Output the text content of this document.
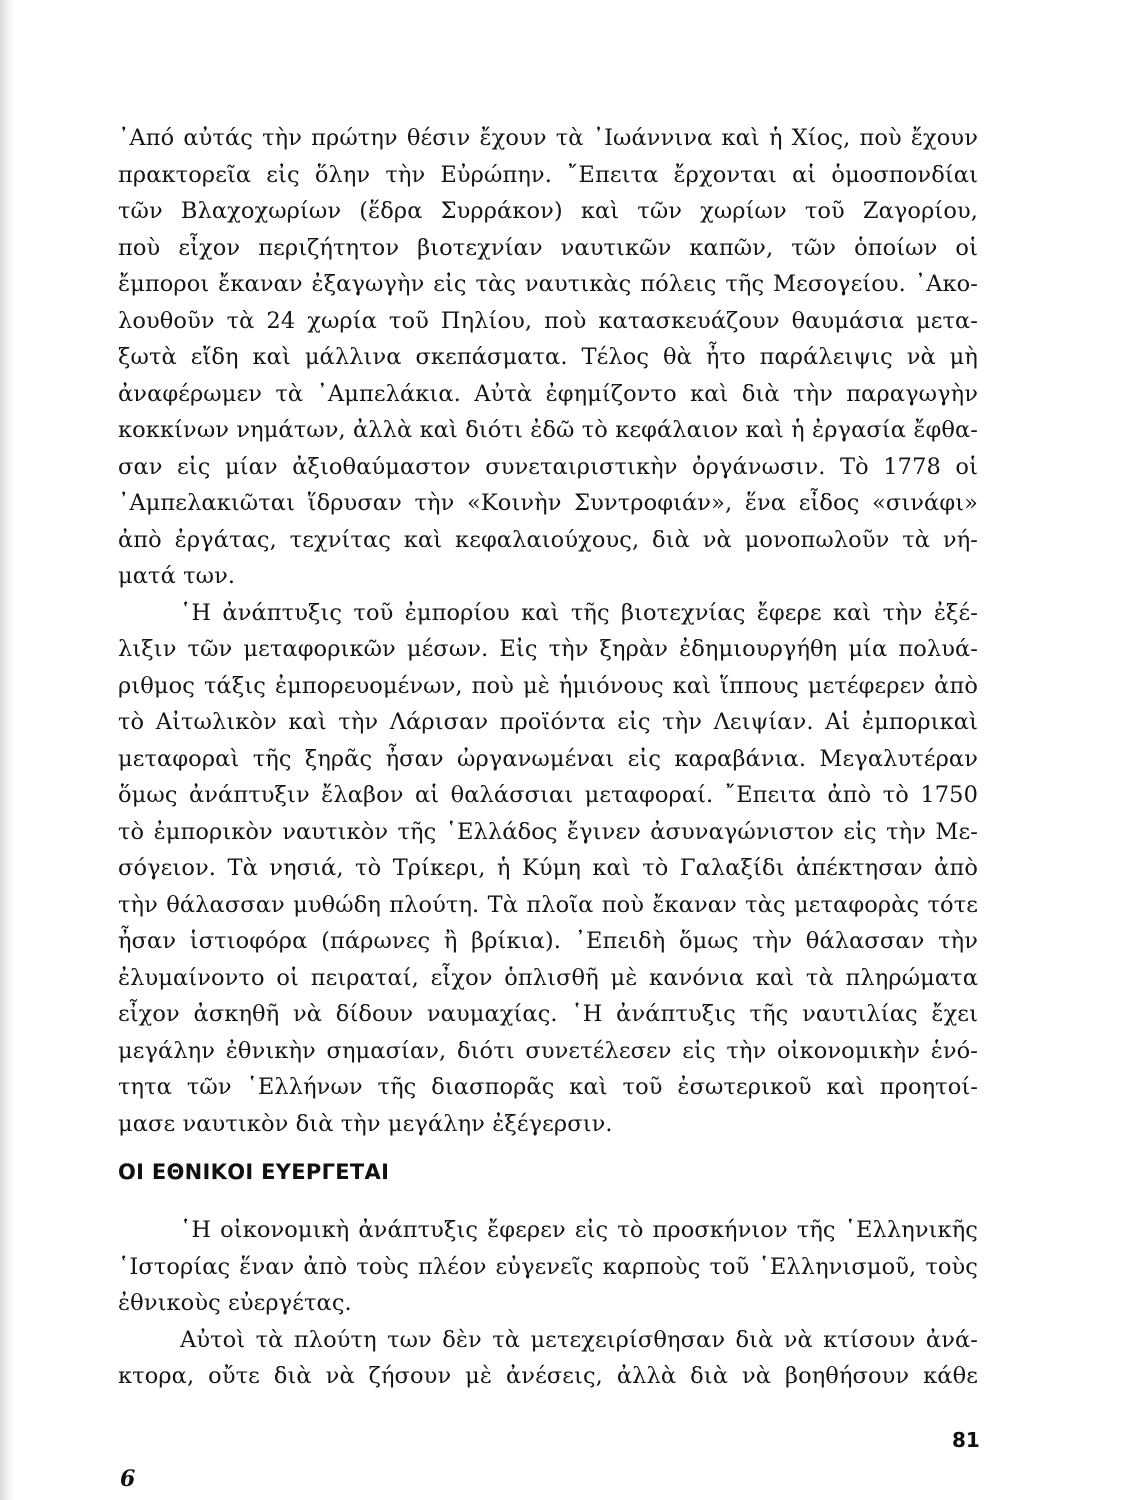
᾿Από αὐτάς τὴν πρώτην θέσιν ἔχουν τὰ ᾿Ιωάννινα καὶ ἡ Χίος, ποὺ ἔχουν
πρακτορεῖα εἰς ὅλην τὴν Εὐρώπην. ῎Επειτα ἔρχονται αἱ ὁμοσπονδίαι
τῶν Βλαχοχωρίων (ἕδρα Συρράκον) καὶ τῶν χωρίων τοῦ Ζαγορίου,
ποὺ εἶχον περιζήτητον βιοτεχνίαν ναυτικῶν καπῶν, τῶν ὁποίων οἱ
ἔμποροι ἔκαναν ἐξαγωγὴν εἰς τὰς ναυτικὰς πόλεις τῆς Μεσογείου. ᾿Ακο-
λουθοῦν τὰ 24 χωρία τοῦ Πηλίου, ποὺ κατασκευάζουν θαυμάσια μετα-
ξωτὰ εἴδη καὶ μάλλινα σκεπάσματα. Τέλος θὰ ἦτο παράλειψις νὰ μὴ
ἀναφέρωμεν τὰ ᾿Αμπελάκια. Αὐτὰ ἐφημίζοντο καὶ διὰ τὴν παραγωγὴν
κοκκίνων νημάτων, ἀλλὰ καὶ διότι ἐδῶ τὸ κεφάλαιον καὶ ἡ ἐργασία ἔφθα-
σαν εἰς μίαν ἀξιοθαύμαστον συνεταιριστικὴν ὀργάνωσιν. Τὸ 1778 οἱ
᾿Αμπελακιῶται ἵδρυσαν τὴν «Κοινὴν Συντροφιάν», ἕνα εἶδος «σινάφι»
ἀπὸ ἐργάτας, τεχνίτας καὶ κεφαλαιούχους, διὰ νὰ μονοπωλοῦν τὰ νή-
ματά των.
῾Η ἀνάπτυξις τοῦ ἐμπορίου καὶ τῆς βιοτεχνίας ἔφερε καὶ τὴν ἐξέ-
λιξιν τῶν μεταφορικῶν μέσων. Εἰς τὴν ξηρὰν ἐδημιουργήθη μία πολυά-
ριθμος τάξις ἐμπορευομένων, ποὺ μὲ ἡμιόνους καὶ ἵππους μετέφερεν ἀπὸ
τὸ Αἰτωλικὸν καὶ τὴν Λάρισαν προϊόντα εἰς τὴν Λειψίαν. Αἱ ἐμπορικαὶ
μεταφοραὶ τῆς ξηρᾶς ἦσαν ὠργανωμέναι εἰς καραβάνια. Μεγαλυτέραν
ὅμως ἀνάπτυξιν ἔλαβον αἱ θαλάσσιαι μεταφοραί. ῎Επειτα ἀπὸ τὸ 1750
τὸ ἐμπορικὸν ναυτικὸν τῆς ῾Ελλάδος ἔγινεν ἀσυναγώνιστον εἰς τὴν Με-
σόγειον. Τὰ νησιά, τὸ Τρίκερι, ἡ Κύμη καὶ τὸ Γαλαξίδι ἀπέκτησαν ἀπὸ
τὴν θάλασσαν μυθώδη πλούτη. Τὰ πλοῖα ποὺ ἔκαναν τὰς μεταφορὰς τότε
ἦσαν ἱστιοφόρα (πάρωνες ἢ βρίκια). ᾿Επειδὴ ὅμως τὴν θάλασσαν τὴν
ἐλυμαίνοντο οἱ πειραταί, εἶχον ὁπλισθῆ μὲ κανόνια καὶ τὰ πληρώματα
εἶχον ἀσκηθῆ νὰ δίδουν ναυμαχίας. ῾Η ἀνάπτυξις τῆς ναυτιλίας ἔχει
μεγάλην ἐθνικὴν σημασίαν, διότι συνετέλεσεν εἰς τὴν οἰκονομικὴν ἑνό-
τητα τῶν ῾Ελλήνων τῆς διασπορᾶς καὶ τοῦ ἐσωτερικοῦ καὶ προητοί-
μασε ναυτικὸν διὰ τὴν μεγάλην ἐξέγερσιν.
ΟΙ ΕΘΝΙΚΟΙ ΕΥΕΡΓΕΤΑΙ
῾Η οἰκονομικὴ ἀνάπτυξις ἔφερεν εἰς τὸ προσκήνιον τῆς ῾Ελληνικῆς
῾Ιστορίας ἕναν ἀπὸ τοὺς πλέον εὐγενεῖς καρποὺς τοῦ ῾Ελληνισμοῦ, τοὺς
ἐθνικοὺς εὐεργέτας.
Αὐτοὶ τὰ πλούτη των δὲν τὰ μετεχειρίσθησαν διὰ νὰ κτίσουν ἀνά-
κτορα, οὔτε διὰ νὰ ζήσουν μὲ ἀνέσεις, ἀλλὰ διὰ νὰ βοηθήσουν κάθε
81
6
